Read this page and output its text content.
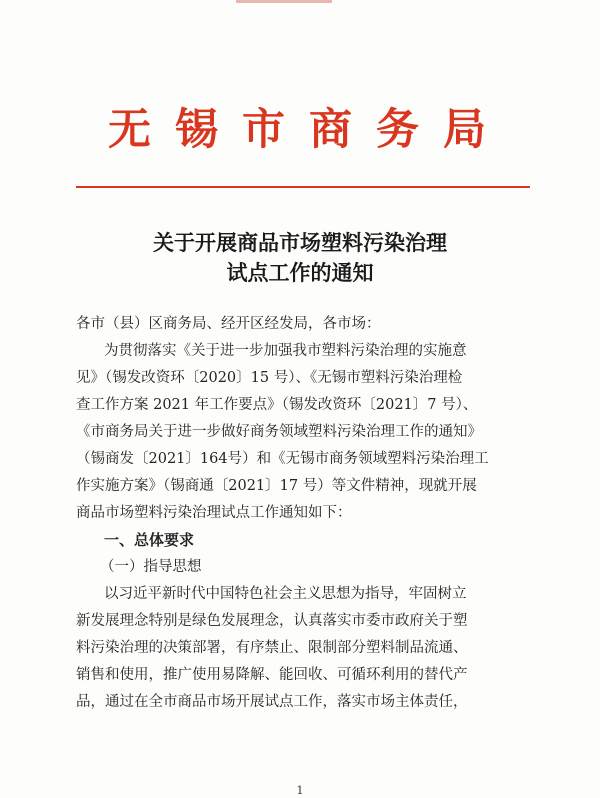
无锡市商务局
关于开展商品市场塑料污染治理
试点工作的通知
各市（县）区商务局、经开区经发局，各市场：
为贯彻落实《关于进一步加强我市塑料污染治理的实施意
见》（锡发改资环〔2020〕15 号）、《无锡市塑料污染治理检
查工作方案 2021 年工作要点》（锡发改资环〔2021〕7 号）、
《市商务局关于进一步做好商务领域塑料污染治理工作的通知》
（锡商发〔2021〕164号）和《无锡市商务领域塑料污染治理工
作实施方案》（锡商通〔2021〕17 号）等文件精神，现就开展
商品市场塑料污染治理试点工作通知如下：
一、总体要求
（一）指导思想
以习近平新时代中国特色社会主义思想为指导，牢固树立
新发展理念特别是绿色发展理念，认真落实市委市政府关于塑
料污染治理的决策部署，有序禁止、限制部分塑料制品流通、
销售和使用，推广使用易降解、能回收、可循环利用的替代产
品，通过在全市商品市场开展试点工作，落实市场主体责任，
1
